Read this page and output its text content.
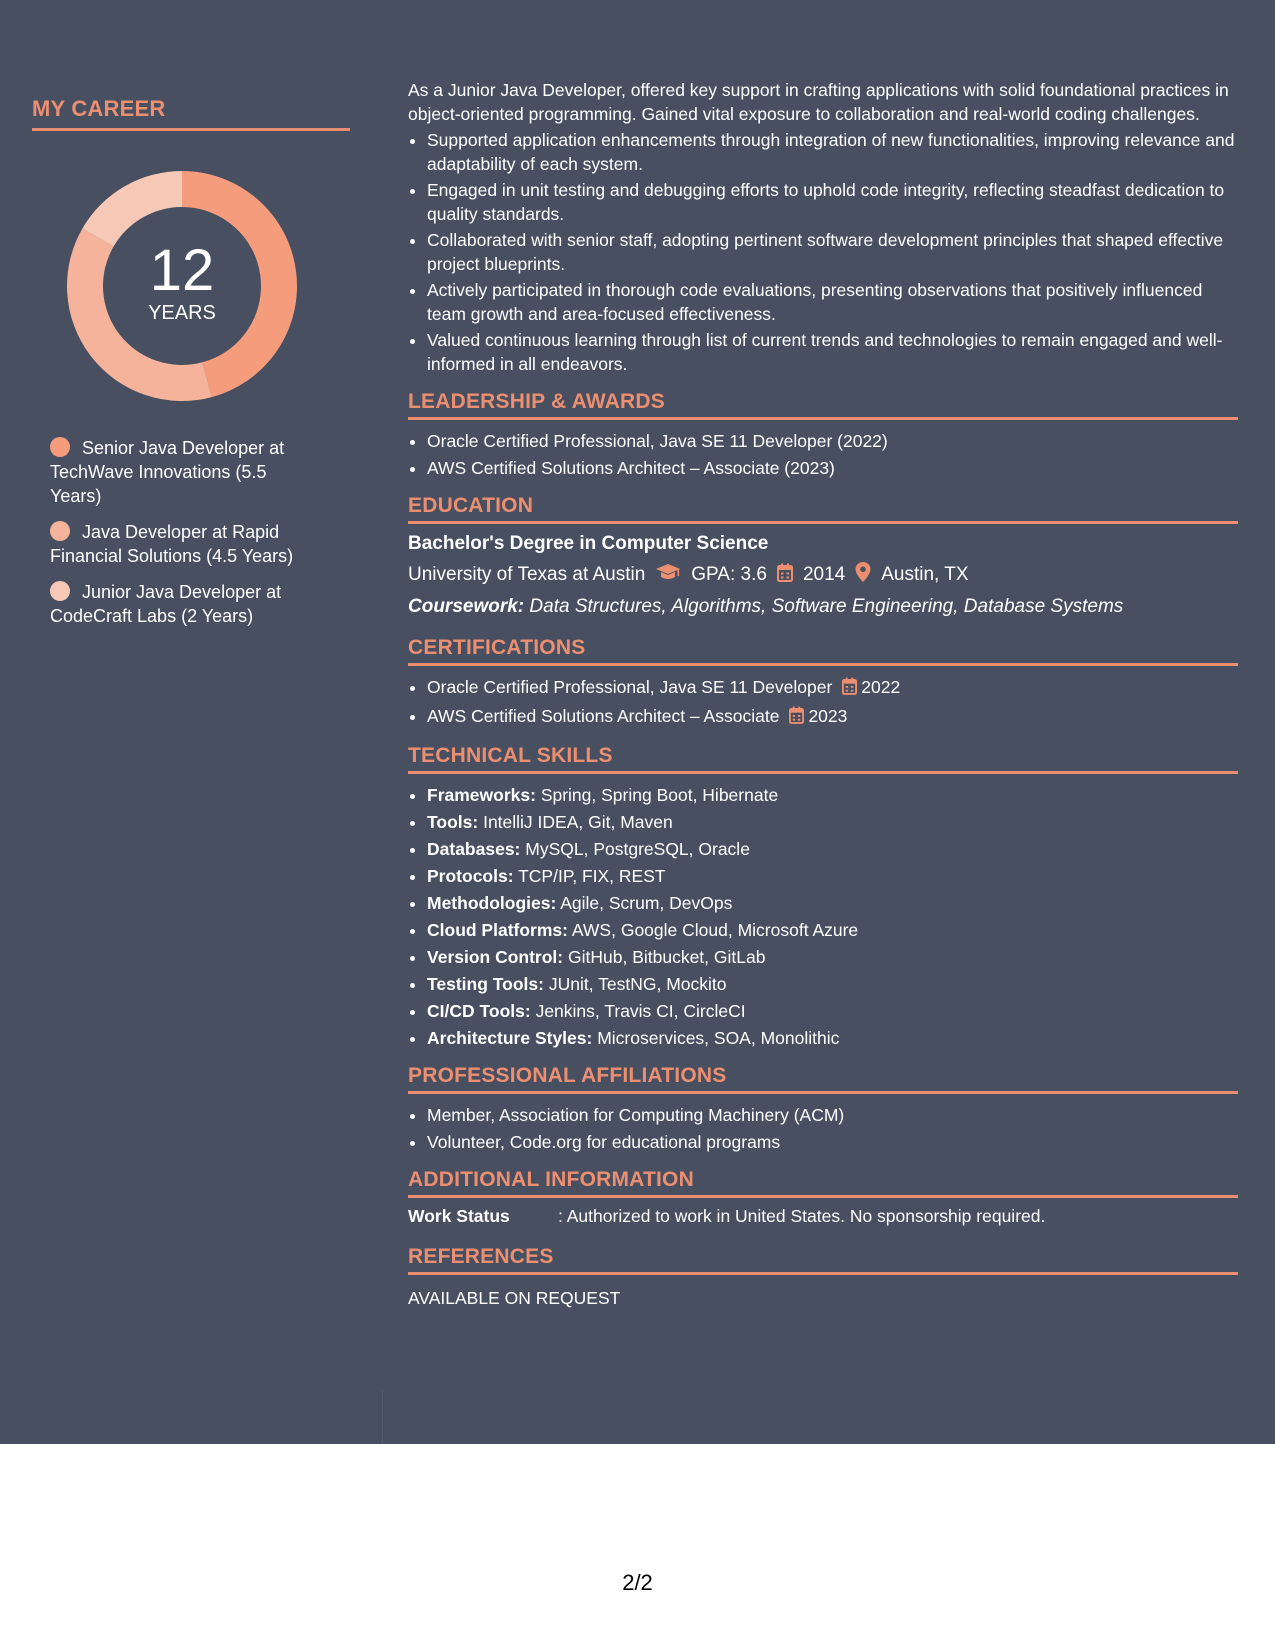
MY CAREER
12
YEARS
Senior Java Developer at TechWave Innovations (5.5 Years)
Java Developer at Rapid Financial Solutions (4.5 Years)
Junior Java Developer at CodeCraft Labs (2 Years)

As a Junior Java Developer, offered key support in crafting applications with solid foundational practices in object-oriented programming. Gained vital exposure to collaboration and real-world coding challenges.

• Supported application enhancements through integration of new functionalities, improving relevance and adaptability of each system.
• Engaged in unit testing and debugging efforts to uphold code integrity, reflecting steadfast dedication to quality standards.
• Collaborated with senior staff, adopting pertinent software development principles that shaped effective project blueprints.
• Actively participated in thorough code evaluations, presenting observations that positively influenced team growth and area-focused effectiveness.
• Valued continuous learning through list of current trends and technologies to remain engaged and well-informed in all endeavors.
LEADERSHIP & AWARDS
• Oracle Certified Professional, Java SE 11 Developer (2022)
• AWS Certified Solutions Architect – Associate (2023)
EDUCATION
Bachelor's Degree in Computer Science
University of Texas at Austin GPA: 3.6 2014 Austin, TX
Coursework: Data Structures, Algorithms, Software Engineering, Database Systems
CERTIFICATIONS
• Oracle Certified Professional, Java SE 11 Developer 2022
• AWS Certified Solutions Architect – Associate 2023
TECHNICAL SKILLS
• Frameworks: Spring, Spring Boot, Hibernate
• Tools: IntelliJ IDEA, Git, Maven
• Databases: MySQL, PostgreSQL, Oracle
• Protocols: TCP/IP, FIX, REST
• Methodologies: Agile, Scrum, DevOps
• Cloud Platforms: AWS, Google Cloud, Microsoft Azure
• Version Control: GitHub, Bitbucket, GitLab
• Testing Tools: JUnit, TestNG, Mockito
• CI/CD Tools: Jenkins, Travis CI, CircleCI
• Architecture Styles: Microservices, SOA, Monolithic
PROFESSIONAL AFFILIATIONS
• Member, Association for Computing Machinery (ACM)
• Volunteer, Code.org for educational programs
ADDITIONAL INFORMATION
Work Status	: Authorized to work in United States. No sponsorship required.
REFERENCES
AVAILABLE ON REQUEST
2/2
